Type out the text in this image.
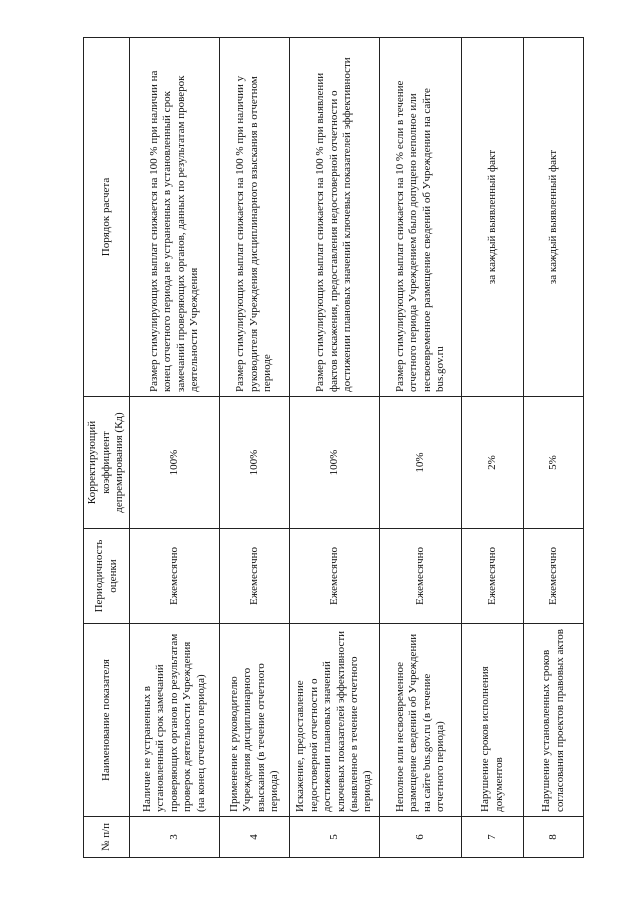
№ п/п	Наименование показателя	Периодичность оценки	Корректирующий коэффициент депремирования (Кд)	Порядок расчета
3	Наличие не устраненных в установленный срок замечаний проверяющих органов по результатам проверок деятельности Учреждения (на конец отчетного периода)	Ежемесячно	100%	Размер стимулирующих выплат снижается на 100 % при наличии на конец отчетного периода не устраненных в установленный срок замечаний проверяющих органов, данных по результатам проверок деятельности Учреждения
4	Применение к руководителю Учреждения дисциплинарного взыскания (в течение отчетного периода)	Ежемесячно	100%	Размер стимулирующих выплат снижается на 100 % при наличии у руководителя Учреждения дисциплинарного взыскания в отчетном периоде
5	Искажение, предоставление недостоверной отчетности о достижении плановых значений ключевых показателей эффективности (выявленное в течение отчетного периода)	Ежемесячно	100%	Размер стимулирующих выплат снижается на 100 % при выявлении фактов искажения, предоставления недостоверной отчетности о достижении плановых значений ключевых показателей эффективности
6	Неполное или несвоевременное размещение сведений об Учреждении на сайте bus.gov.ru (в течение отчетного периода)	Ежемесячно	10%	Размер стимулирующих выплат снижается на 10 % если в течение отчетного периода Учреждением было допущено неполное или несвоевременное размещение сведений об Учреждении на сайте bus.gov.ru
7	Нарушение сроков исполнения документов	Ежемесячно	2%	за каждый выявленный факт
8	Нарушение установленных сроков согласования проектов правовых актов	Ежемесячно	5%	за каждый выявленный факт
